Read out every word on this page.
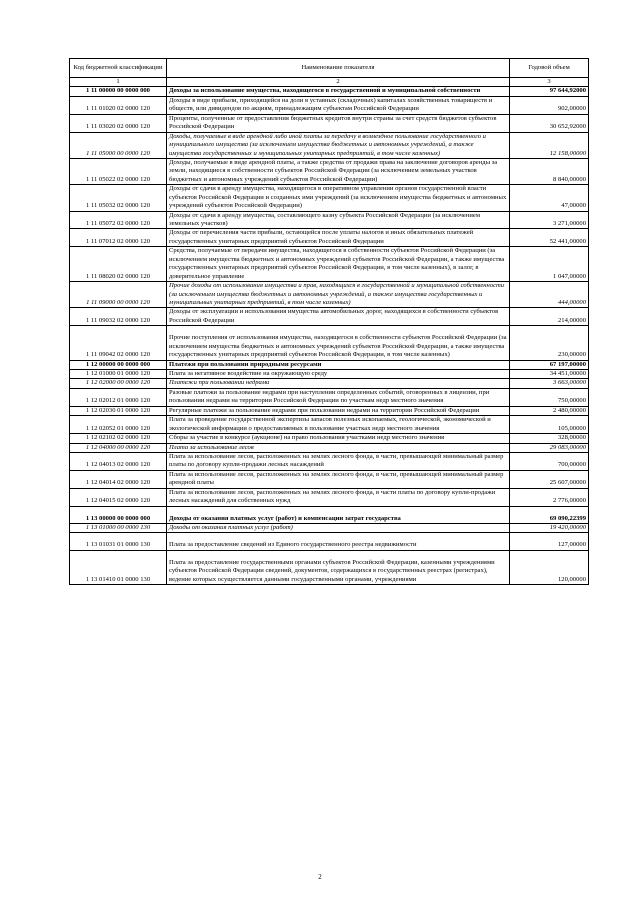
Код бюджетной классификации	Наименование показателя	Годовой объем
1	2	3
1 11 00000 00 0000 000	Доходы за использование имущества, находящегося в государственной и муниципальной собственности	97 644,92000
1 11 01020 02 0000 120	Доходы в виде прибыли, приходящейся на доли в уставных (складочных) капиталах хозяйственных товариществ и обществ, или дивидендов по акциям, принадлежащим субъектам Российской Федерации	902,00000
1 11 03020 02 0000 120	Проценты, полученные от предоставления бюджетных кредитов внутри страны за счет средств бюджетов субъектов Российской Федерации	30 652,92000
1 11 05000 00 0000 120	Доходы, получаемые в виде арендной либо иной платы за передачу в возмездное пользование государственного и муниципального имущества (за исключением имущества бюджетных и автономных учреждений, а также имущества государственных и муниципальных унитарных предприятий, в том числе казенных)	12 158,00000
1 11 05022 02 0000 120	Доходы, получаемые в виде арендной платы, а также средства от продажи права на заключение договоров аренды за земли, находящиеся в собственности субъектов Российской Федерации (за исключением земельных участков бюджетных и автономных учреждений субъектов Российской Федерации)	8 840,00000
1 11 05032 02 0000 120	Доходы от сдачи в аренду имущества, находящегося в оперативном управлении органов государственной власти субъектов Российской Федерации и созданных ими учреждений (за исключением имущества бюджетных и автономных учреждений субъектов Российской Федерации)	47,00000
1 11 05072 02 0000 120	Доходы от сдачи в аренду имущества, составляющего казну субъекта Российской Федерации (за исключением земельных участков)	3 271,00000
1 11 07012 02 0000 120	Доходы от перечисления части прибыли, остающейся после уплаты налогов и иных обязательных платежей государственных унитарных предприятий субъектов Российской Федерации	52 441,00000
1 11 08020 02 0000 120	Средства, получаемые от передачи имущества, находящегося в собственности субъектов Российской Федерации (за исключением имущества бюджетных и автономных учреждений субъектов Российской Федерации, а также имущества государственных унитарных предприятий субъектов Российской Федерации, в том числе казенных), в залог, в доверительное управление	1 047,00000
1 11 09000 00 0000 120	Прочие доходы от использования имущества и прав, находящихся в государственной и муниципальной собственности (за исключением имущества бюджетных и автономных учреждений, а также имущества государственных и муниципальных унитарных предприятий, в том числе казенных)	444,00000
1 11 09032 02 0000 120	Доходы от эксплуатации и использования имущества автомобильных дорог, находящихся в собственности субъектов Российской Федерации	214,00000
1 11 09042 02 0000 120	Прочие поступления от использования имущества, находящегося в собственности субъектов Российской Федерации (за исключением имущества бюджетных и автономных учреждений субъектов Российской Федерации, а также имущества государственных унитарных предприятий субъектов Российской Федерации, в том числе казенных)	230,00000
1 12 00000 00 0000 000	Платежи при пользовании природными ресурсами	67 197,00000
1 12 01000 01 0000 120	Плата за негативное воздействие на окружающую среду	34 451,00000
1 12 02000 00 0000 120	Платежи при пользовании недрами	3 663,00000
1 12 02012 01 0000 120	Разовые платежи за пользование недрами при наступлении определенных событий, оговоренных в лицензии, при пользовании недрами на территории Российской Федерации по участкам недр местного значения	750,00000
1 12 02030 01 0000 120	Регулярные платежи за пользование недрами при пользовании недрами на территории Российской Федерации	2 480,00000
1 12 02052 01 0000 120	Плата за проведение государственной экспертизы запасов полезных ископаемых, геологической, экономической и экологической информации о предоставляемых в пользование участках недр местного значения	105,00000
1 12 02102 02 0000 120	Сборы за участие в конкурсе (аукционе) на право пользования участками недр местного значения	328,00000
1 12 04000 00 0000 120	Плата за использование лесов	29 083,00000
1 12 04013 02 0000 120	Плата за использование лесов, расположенных на землях лесного фонда, в части, превышающей минимальный размер платы по договору купли-продажи лесных насаждений	700,00000
1 12 04014 02 0000 120	Плата за использование лесов, расположенных на землях лесного фонда, в части, превышающей минимальный размер арендной платы	25 607,00000
1 12 04015 02 0000 120	Плата за использование лесов, расположенных на землях лесного фонда, в части платы по договору купли-продажи лесных насаждений для собственных нужд	2 776,00000
1 13 00000 00 0000 000	Доходы от оказания платных услуг (работ) и компенсации затрат государства	69 090,22399
1 13 01000 00 0000 130	Доходы от оказания платных услуг (работ)	19 420,00000
1 13 01031 01 0000 130	Плата за предоставление сведений из Единого государственного реестра недвижимости	127,00000
1 13 01410 01 0000 130	Плата за предоставление государственными органами субъектов Российской Федерации, казенными учреждениями субъектов Российской Федерации сведений, документов, содержащихся в государственных реестрах (регистрах), ведение которых осуществляется данными государственными органами, учреждениями	120,00000
2
